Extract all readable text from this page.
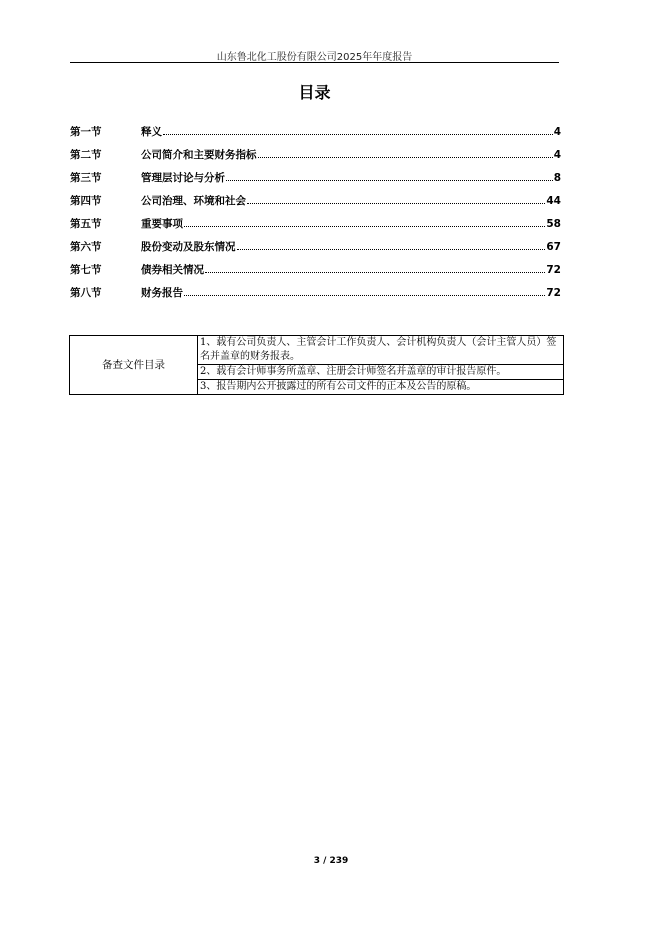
山东鲁北化工股份有限公司2025年年度报告
目录
第一节	释义	4
第二节	公司简介和主要财务指标	4
第三节	管理层讨论与分析	8
第四节	公司治理、环境和社会	44
第五节	重要事项	58
第六节	股份变动及股东情况	67
第七节	债券相关情况	72
第八节	财务报告	72
备查文件目录	1、载有公司负责人、主管会计工作负责人、会计机构负责人（会计主管人员）签名并盖章的财务报表。
2、载有会计师事务所盖章、注册会计师签名并盖章的审计报告原件。
3、报告期内公开披露过的所有公司文件的正本及公告的原稿。
3 / 239
